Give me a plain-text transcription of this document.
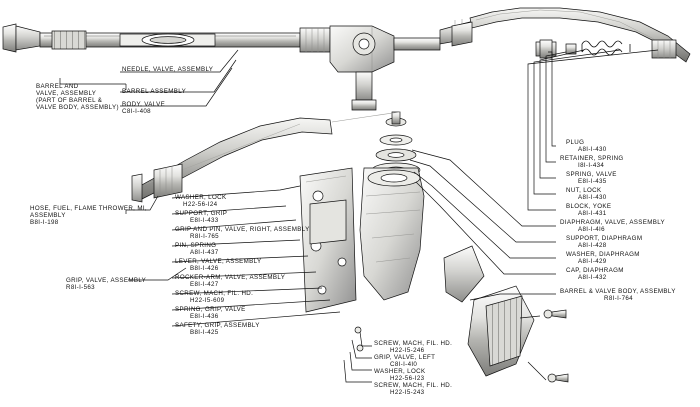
BARREL AND
VALVE, ASSEMBLY
(PART OF BARREL &
VALVE BODY, ASSEMBLY)
NEEDLE, VALVE, ASSEMBLY
BARREL ASSEMBLY
BODY, VALVE
C8I-I-408
HOSE, FUEL, FLAME THROWER, MI,
ASSEMBLY
B8I-I-198
GRIP, VALVE, ASSEMBLY
R8I-I-563
WASHER, LOCK
H22-56-I24
SUPPORT, GRIP
E8I-I-433
GRIP AND PIN, VALVE, RIGHT, ASSEMBLY
R8I-I-765
PIN, SPRING
A8I-I-437
LEVER, VALVE, ASSEMBLY
B8I-I-426
ROCKER-ARM, VALVE, ASSEMBLY
E8I-I-427
SCREW, MACH, FIL. HD.
H22-I5-609
SPRING, GRIP, VALVE
E8I-I-436
SAFETY, GRIP, ASSEMBLY
B8I-I-425
PLUG
A8I-I-430
RETAINER, SPRING
I8I-I-434
SPRING, VALVE
E8I-I-435
NUT, LOCK
A8I-I-430
BLOCK, YOKE
A8I-I-431
DIAPHRAGM, VALVE, ASSEMBLY
A8I-I-4I6
SUPPORT, DIAPHRAGM
A8I-I-428
WASHER, DIAPHRAGM
A8I-I-429
CAP, DIAPHRAGM
A8I-I-432
BARREL & VALVE BODY, ASSEMBLY
R8I-I-764
SCREW, MACH, FIL. HD.
H22-I5-246
GRIP, VALVE, LEFT
C8I-I-4I0
WASHER, LOCK
H22-56-I23
SCREW, MACH, FIL. HD.
H22-I5-243
